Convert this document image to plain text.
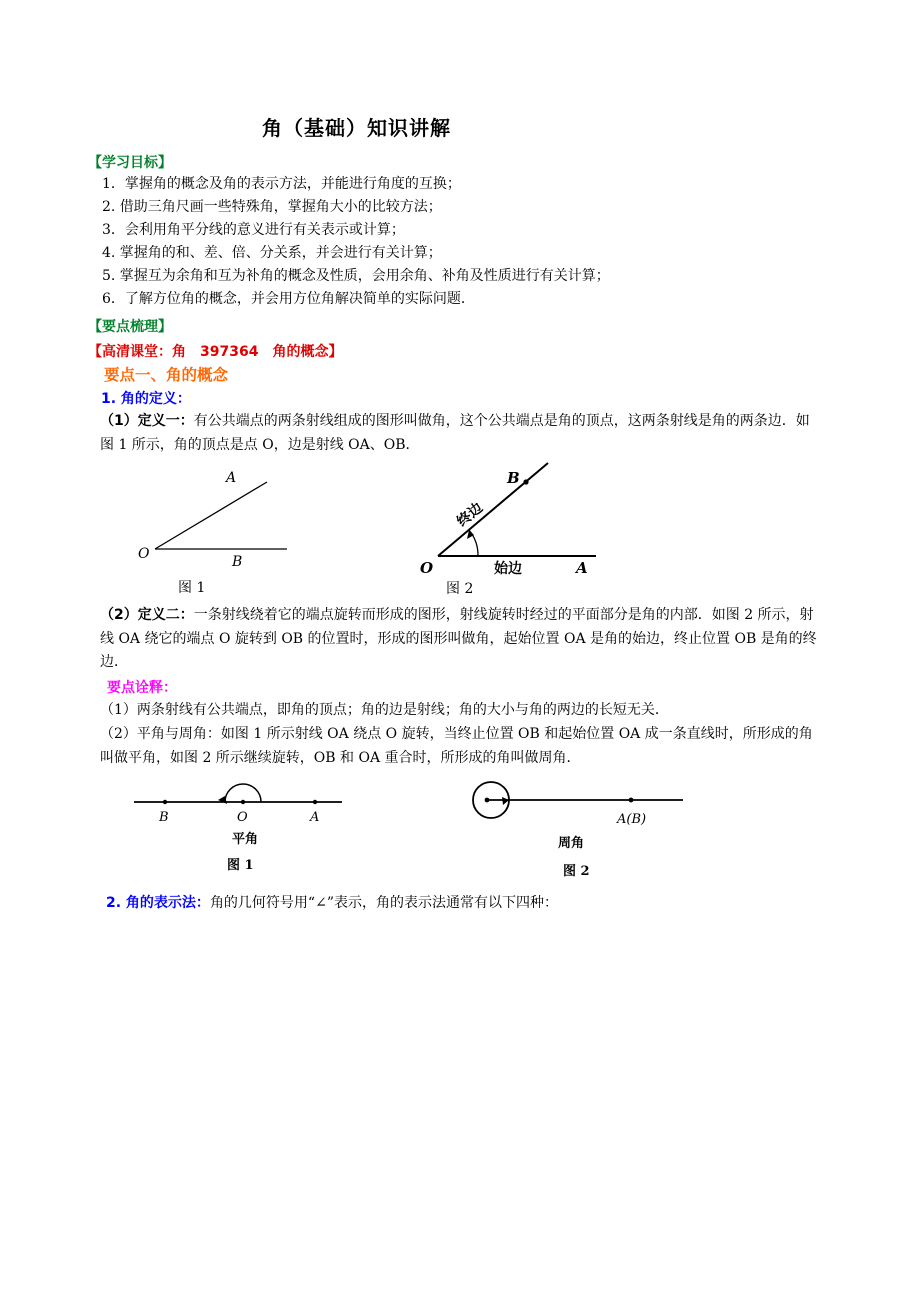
角（基础）知识讲解
【学习目标】
1．掌握角的概念及角的表示方法，并能进行角度的互换；
2. 借助三角尺画一些特殊角，掌握角大小的比较方法；
3．会利用角平分线的意义进行有关表示或计算；
4. 掌握角的和、差、倍、分关系，并会进行有关计算；
5. 掌握互为余角和互为补角的概念及性质，会用余角、补角及性质进行有关计算；
6．了解方位角的概念，并会用方位角解决简单的实际问题．
【要点梳理】
【高清课堂：角　397364　角的概念】
要点一、角的概念
1. 角的定义：
（1）定义一：有公共端点的两条射线组成的图形叫做角，这个公共端点是角的顶点，这两条射线是角的两条边．如图 1 所示，角的顶点是点 O，边是射线 OA、OB．
A
O	B
图 1
B
O	A
始边
终边
图 2
（2）定义二：一条射线绕着它的端点旋转而形成的图形，射线旋转时经过的平面部分是角的内部．如图 2 所示，射线 OA 绕它的端点 O 旋转到 OB 的位置时，形成的图形叫做角，起始位置 OA 是角的始边，终止位置 OB 是角的终边．
要点诠释：
（1）两条射线有公共端点，即角的顶点；角的边是射线；角的大小与角的两边的长短无关．
（2）平角与周角：如图 1 所示射线 OA 绕点 O 旋转，当终止位置 OB 和起始位置 OA 成一条直线时，所形成的角叫做平角，如图 2 所示继续旋转，OB 和 OA 重合时，所形成的角叫做周角．
B	O	A
平角
图 1
A(B)
周角
图 2
2. 角的表示法：角的几何符号用“∠”表示，角的表示法通常有以下四种：
